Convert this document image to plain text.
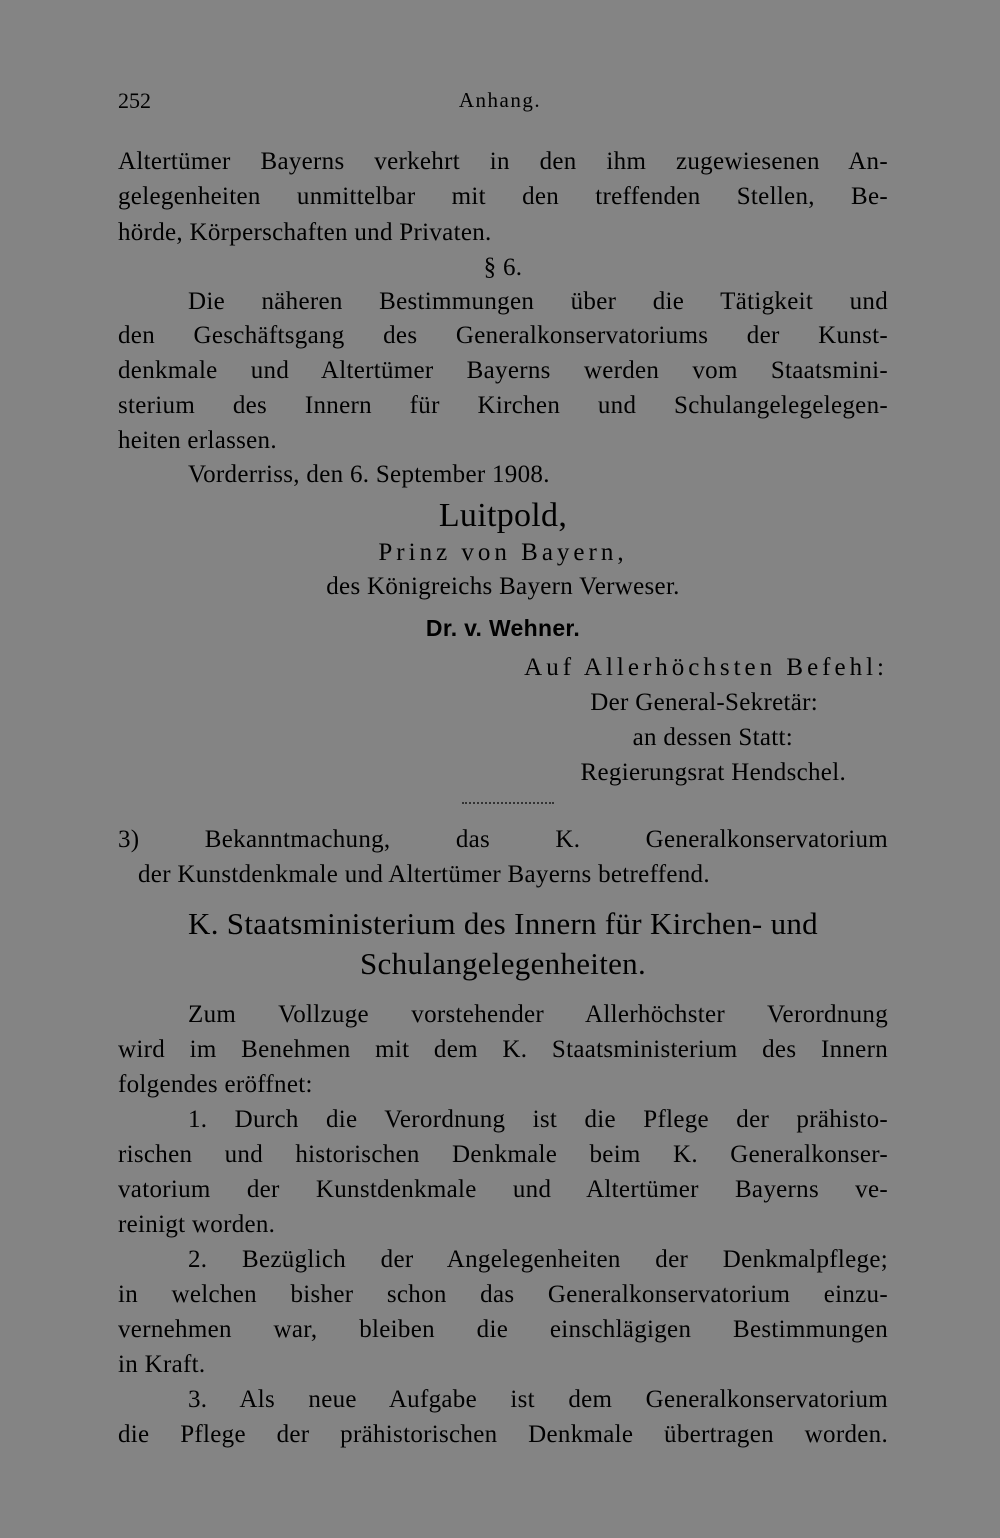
252	Anhang.
Altertümer Bayerns verkehrt in den ihm zugewiesenen An-
gelegenheiten unmittelbar mit den treffenden Stellen, Be-
hörde, Körperschaften und Privaten.
§ 6.
Die näheren Bestimmungen über die Tätigkeit und
den Geschäftsgang des Generalkonservatoriums der Kunst-
denkmale und Altertümer Bayerns werden vom Staatsmini-
sterium des Innern für Kirchen und Schulangelegelegen-
heiten erlassen.
Vorderriss, den 6. September 1908.
Luitpold,
Prinz von Bayern,
des Königreichs Bayern Verweser.
Dr. v. Wehner.
Auf Allerhöchsten Befehl:
Der General-Sekretär:
an dessen Statt:
Regierungsrat Hendschel.
3) Bekanntmachung, das K. Generalkonservatorium
der Kunstdenkmale und Altertümer Bayerns betreffend.
K. Staatsministerium des Innern für Kirchen- und
Schulangelegenheiten.
Zum Vollzuge vorstehender Allerhöchster Verordnung
wird im Benehmen mit dem K. Staatsministerium des Innern
folgendes eröffnet:
1. Durch die Verordnung ist die Pflege der prähisto-
rischen und historischen Denkmale beim K. Generalkonser-
vatorium der Kunstdenkmale und Altertümer Bayerns ve-
reinigt worden.
2. Bezüglich der Angelegenheiten der Denkmalpflege;
in welchen bisher schon das Generalkonservatorium einzu-
vernehmen war, bleiben die einschlägigen Bestimmungen
in Kraft.
3. Als neue Aufgabe ist dem Generalkonservatorium
die Pflege der prähistorischen Denkmale übertragen worden.
